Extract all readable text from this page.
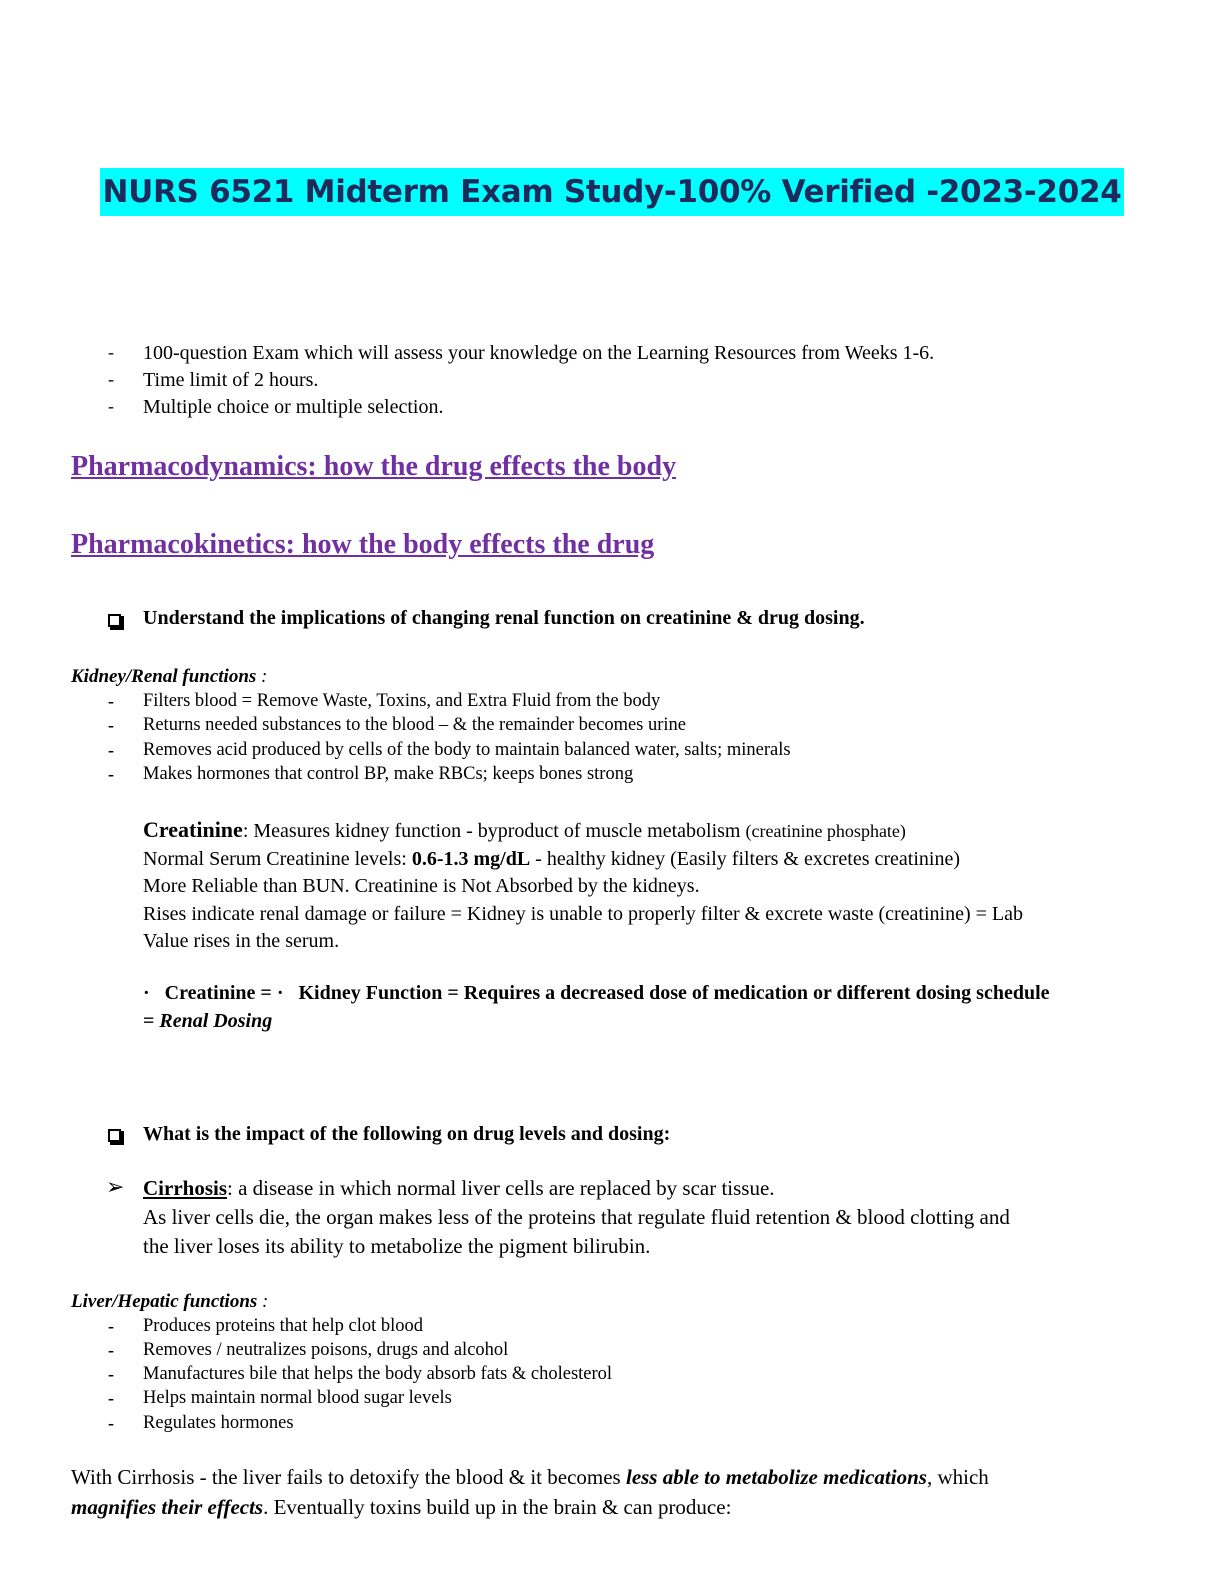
NURS 6521 Midterm Exam Study-100% Verified -2023-2024
- 100-question Exam which will assess your knowledge on the Learning Resources from Weeks 1-6.
- Time limit of 2 hours.
- Multiple choice or multiple selection.
Pharmacodynamics: how the drug effects the body
Pharmacokinetics: how the body effects the drug
Understand the implications of changing renal function on creatinine & drug dosing.
Kidney/Renal functions :
- Filters blood = Remove Waste, Toxins, and Extra Fluid from the body
- Returns needed substances to the blood – & the remainder becomes urine
- Removes acid produced by cells of the body to maintain balanced water, salts; minerals
- Makes hormones that control BP, make RBCs; keeps bones strong
Creatinine: Measures kidney function - byproduct of muscle metabolism (creatinine phosphate)
Normal Serum Creatinine levels: 0.6-1.3 mg/dL - healthy kidney (Easily filters & excretes creatinine)
More Reliable than BUN. Creatinine is Not Absorbed by the kidneys.
Rises indicate renal damage or failure = Kidney is unable to properly filter & excrete waste (creatinine) = Lab
Value rises in the serum.
· Creatinine = · Kidney Function = Requires a decreased dose of medication or different dosing schedule
= Renal Dosing
What is the impact of the following on drug levels and dosing:
➢ Cirrhosis: a disease in which normal liver cells are replaced by scar tissue.
As liver cells die, the organ makes less of the proteins that regulate fluid retention & blood clotting and
the liver loses its ability to metabolize the pigment bilirubin.
Liver/Hepatic functions :
- Produces proteins that help clot blood
- Removes / neutralizes poisons, drugs and alcohol
- Manufactures bile that helps the body absorb fats & cholesterol
- Helps maintain normal blood sugar levels
- Regulates hormones
With Cirrhosis - the liver fails to detoxify the blood & it becomes less able to metabolize medications, which
magnifies their effects. Eventually toxins build up in the brain & can produce:
